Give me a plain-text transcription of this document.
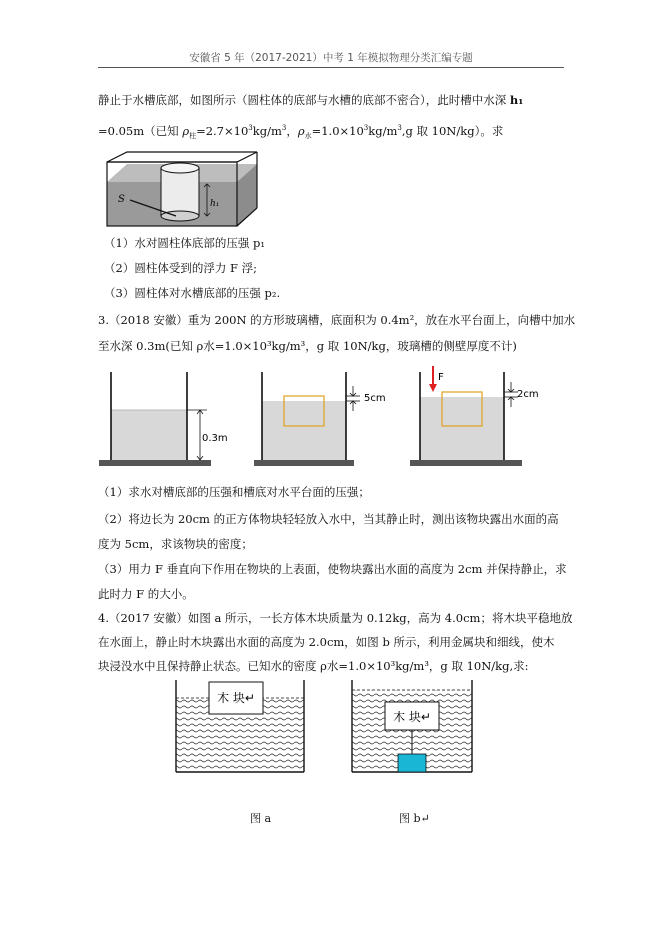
安徽省 5 年（2017-2021）中考 1 年模拟物理分类汇编专题
静止于水槽底部，如图所示（圆柱体的底部与水槽的底部不密合），此时槽中水深 h₁
=0.05m（已知 $\rho_柱=2.7\times 10^3kg/m^3$，$\rho_水=1.0\times 10^3kg/m^3,g$ 取 10N/kg）。求
S	h₁
（1）水对圆柱体底部的压强 p₁
（2）圆柱体受到的浮力 F 浮;
（3）圆柱体对水槽底部的压强 p₂.
3.（2018 安徽）重为 200N 的方形玻璃槽，底面积为 0.4m²，放在水平台面上，向槽中加水
至水深 0.3m(已知 ρ水=1.0×10³kg/m³，g 取 10N/kg，玻璃槽的侧壁厚度不计)
0.3m
5cm
F
2cm
（1）求水对槽底部的压强和槽底对水平台面的压强；
（2）将边长为 20cm 的正方体物块轻轻放入水中，当其静止时，测出该物块露出水面的高
度为 5cm，求该物块的密度；
（3）用力 F 垂直向下作用在物块的上表面，使物块露出水面的高度为 2cm 并保持静止，求
此时力 F 的大小。
4.（2017 安徽）如图 a 所示，一长方体木块质量为 0.12kg，高为 4.0cm；将木块平稳地放
在水面上，静止时木块露出水面的高度为 2.0cm，如图 b 所示，利用金属块和细线，使木
块浸没水中且保持静止状态。已知水的密度 ρ水=1.0×10³kg/m³，g 取 10N/kg,求:
木 块↵
木 块↵
图 a	图 b↵
